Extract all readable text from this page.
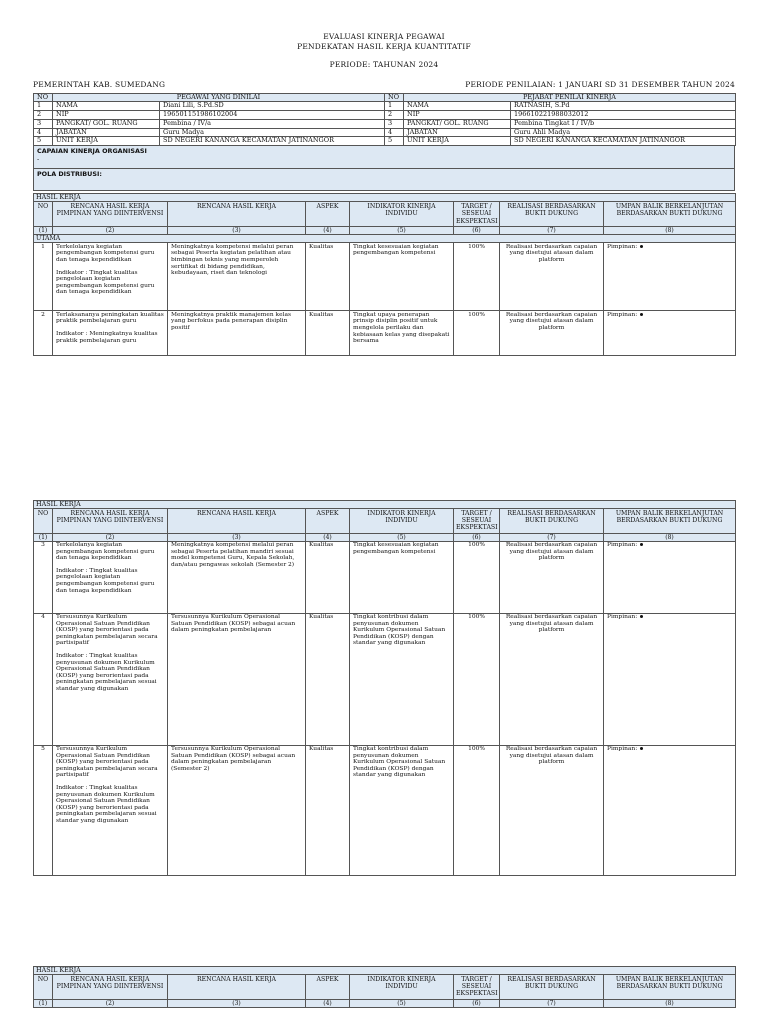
EVALUASI KINERJA PEGAWAI
PENDEKATAN HASIL KERJA KUANTITATIF
PERIODE: TAHUNAN 2024
PEMERINTAH KAB. SUMEDANG	PERIODE PENILAIAN: 1 JANUARI SD 31 DESEMBER TAHUN 2024
NO	PEGAWAI YANG DINILAI		NO	PEJABAT PENILAI KINERJA	
1	NAMA	Diani Lili, S.Pd.SD	1	NAMA	RATNASIH, S.Pd
2	NIP	196501151986102004	2	NIP	196610221988032012
3	PANGKAT/ GOL. RUANG	Pembina / IV/a	3	PANGKAT/ GOL. RUANG	Pembina Tingkat I / IV/b
4	JABATAN	Guru Madya	4	JABATAN	Guru Ahli Madya
5	UNIT KERJA	SD NEGERI KANANGA KECAMATAN JATINANGOR	5	UNIT KERJA	SD NEGERI KANANGA KECAMATAN JATINANGOR
CAPAIAN KINERJA ORGANISASI
-

POLA DISTRIBUSI:
HASIL KERJA							
NO	RENCANA HASIL KERJA PIMPINAN YANG DIINTERVENSI	RENCANA HASIL KERJA	ASPEK	INDIKATOR KINERJA INDIVIDU	TARGET / SESEUAI EKSPEKTASI	REALISASI BERDASARKAN BUKTI DUKUNG	UMPAN BALIK BERKELANJUTAN BERDASARKAN BUKTI DUKUNG
(1)	(2)	(3)	(4)	(5)	(6)	(7)	(8)
UTAMA							
1	Terkelolanya kegiatan pengembangan kompetensi guru dan tenaga kependidikan
Indikator : Tingkat kualitas pengelolaan kegiatan pengembangan kompetensi guru dan tenaga kependidikan	Meningkatnya kompetensi melalui peran sebagai Peserta kegiatan pelatihan atau bimbingan teknis yang memperoleh sertifikat di bidang pendidikan, kebudayaan, riset dan teknologi	Kualitas	Tingkat kesesuaian kegiatan pengembangan kompetensi	100%	Realisasi berdasarkan capaian yang disetujui atasan dalam platform	Pimpinan:
2	Terlaksananya peningkatan kualitas praktik pembelajaran guru
Indikator : Meningkatnya kualitas praktik pembelajaran guru	Meningkatnya praktik manajemen kelas yang berfokus pada penerapan disiplin positif	Kualitas	Tingkat upaya penerapan prinsip disiplin positif untuk mengelola perilaku dan kebiasaan kelas yang disepakati bersama	100%	Realisasi berdasarkan capaian yang disetujui atasan dalam platform	Pimpinan:
HASIL KERJA							
NO	RENCANA HASIL KERJA PIMPINAN YANG DIINTERVENSI	RENCANA HASIL KERJA	ASPEK	INDIKATOR KINERJA INDIVIDU	TARGET / SESEUAI EKSPEKTASI	REALISASI BERDASARKAN BUKTI DUKUNG	UMPAN BALIK BERKELANJUTAN BERDASARKAN BUKTI DUKUNG
(1)	(2)	(3)	(4)	(5)	(6)	(7)	(8)
3	Terkelolanya kegiatan pengembangan kompetensi guru dan tenaga kependidikan
Indikator : Tingkat kualitas pengelolaan kegiatan pengembangan kompetensi guru dan tenaga kependidikan	Meningkatnya kompetensi melalui peran sebagai Peserta pelatihan mandiri sesuai model kompetensi Guru, Kepala Sekolah, dan/atau pengawas sekolah (Semester 2)	Kualitas	Tingkat kesesuaian kegiatan pengembangan kompetensi	100%	Realisasi berdasarkan capaian yang disetujui atasan dalam platform	Pimpinan:
4	Tersusunnya Kurikulum Operasional Satuan Pendidikan (KOSP) yang berorientasi pada peningkatan pembelajaran secara partisipatif
Indikator : Tingkat kualitas penyusunan dokumen Kurikulum Operasional Satuan Pendidikan (KOSP) yang berorientasi pada peningkatan pembelajaran sesuai standar yang digunakan	Tersusunnya Kurikulum Operasional Satuan Pendidikan (KOSP) sebagai acuan dalam peningkatan pembelajaran	Kualitas	Tingkat kontribusi dalam penyusunan dokumen Kurikulum Operasional Satuan Pendidikan (KOSP) dengan standar yang digunakan	100%	Realisasi berdasarkan capaian yang disetujui atasan dalam platform	Pimpinan:
5	Tersusunnya Kurikulum Operasional Satuan Pendidikan (KOSP) yang berorientasi pada peningkatan pembelajaran secara partisipatif
Indikator : Tingkat kualitas penyusunan dokumen Kurikulum Operasional Satuan Pendidikan (KOSP) yang berorientasi pada peningkatan pembelajaran sesuai standar yang digunakan	Tersusunnya Kurikulum Operasional Satuan Pendidikan (KOSP) sebagai acuan dalam peningkatan pembelajaran (Semester 2)	Kualitas	Tingkat kontribusi dalam penyusunan dokumen Kurikulum Operasional Satuan Pendidikan (KOSP) dengan standar yang digunakan	100%	Realisasi berdasarkan capaian yang disetujui atasan dalam platform	Pimpinan:
HASIL KERJA							
NO	RENCANA HASIL KERJA PIMPINAN YANG DIINTERVENSI	RENCANA HASIL KERJA	ASPEK	INDIKATOR KINERJA INDIVIDU	TARGET / SESEUAI EKSPEKTASI	REALISASI BERDASARKAN BUKTI DUKUNG	UMPAN BALIK BERKELANJUTAN BERDASARKAN BUKTI DUKUNG
(1)	(2)	(3)	(4)	(5)	(6)	(7)	(8)
